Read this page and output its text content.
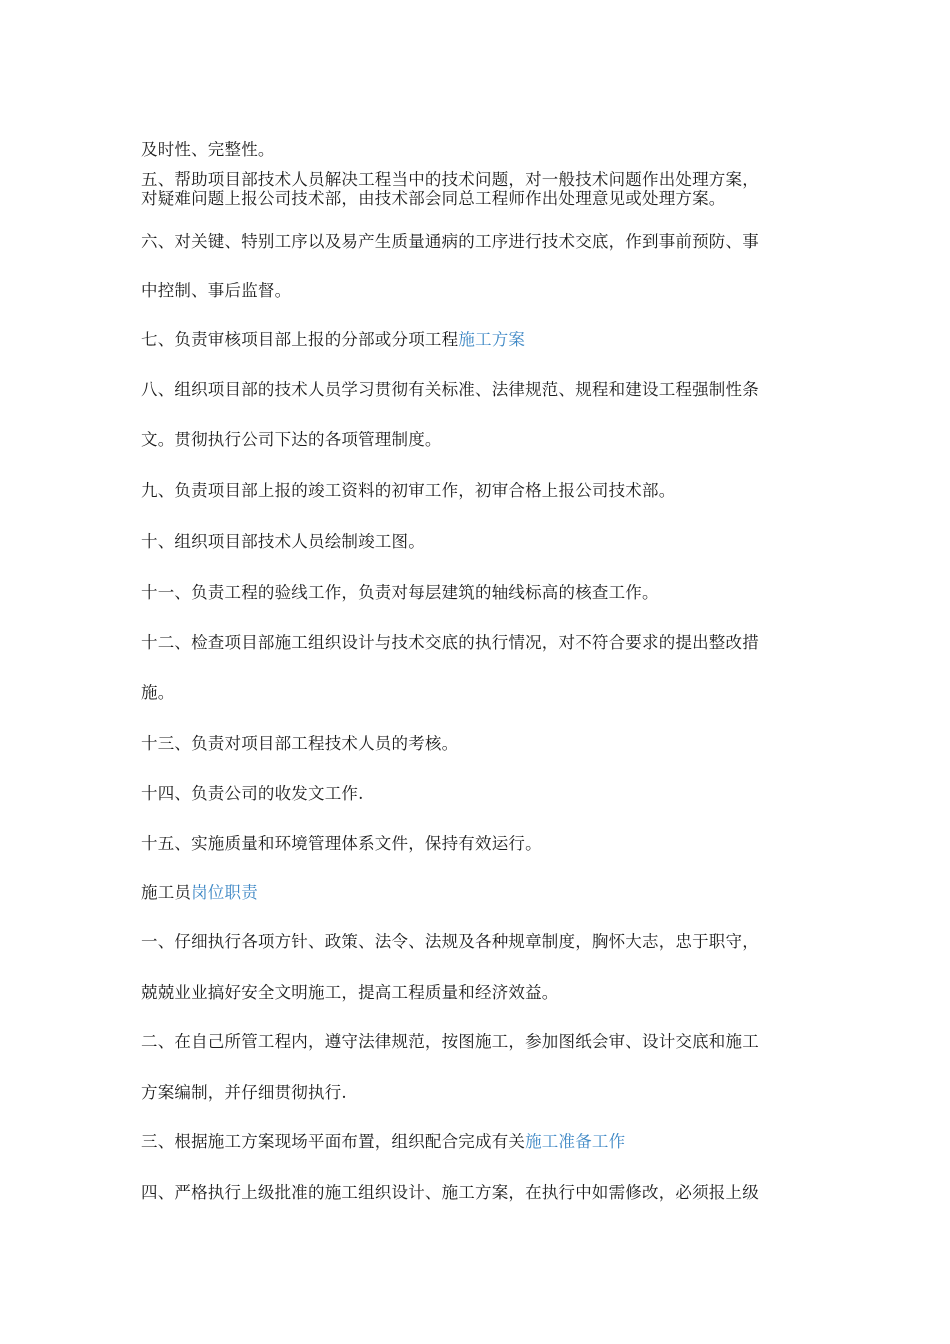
及时性、完整性。
五、帮助项目部技术人员解决工程当中的技术问题，对一般技术问题作出处理方案，
对疑难问题上报公司技术部，由技术部会同总工程师作出处理意见或处理方案。
六、对关键、特别工序以及易产生质量通病的工序进行技术交底，作到事前预防、事
中控制、事后监督。
七、负责审核项目部上报的分部或分项工程施工方案
八、组织项目部的技术人员学习贯彻有关标准、法律规范、规程和建设工程强制性条
文。贯彻执行公司下达的各项管理制度。
九、负责项目部上报的竣工资料的初审工作，初审合格上报公司技术部。
十、组织项目部技术人员绘制竣工图。
十一、负责工程的验线工作，负责对每层建筑的轴线标高的核查工作。
十二、检查项目部施工组织设计与技术交底的执行情况，对不符合要求的提出整改措
施。
十三、负责对项目部工程技术人员的考核。
十四、负责公司的收发文工作.
十五、实施质量和环境管理体系文件，保持有效运行。
施工员岗位职责
一、仔细执行各项方针、政策、法令、法规及各种规章制度，胸怀大志，忠于职守，
兢兢业业搞好安全文明施工，提高工程质量和经济效益。
二、在自己所管工程内，遵守法律规范，按图施工，参加图纸会审、设计交底和施工
方案编制，并仔细贯彻执行.
三、根据施工方案现场平面布置，组织配合完成有关施工准备工作
四、严格执行上级批准的施工组织设计、施工方案，在执行中如需修改，必须报上级
